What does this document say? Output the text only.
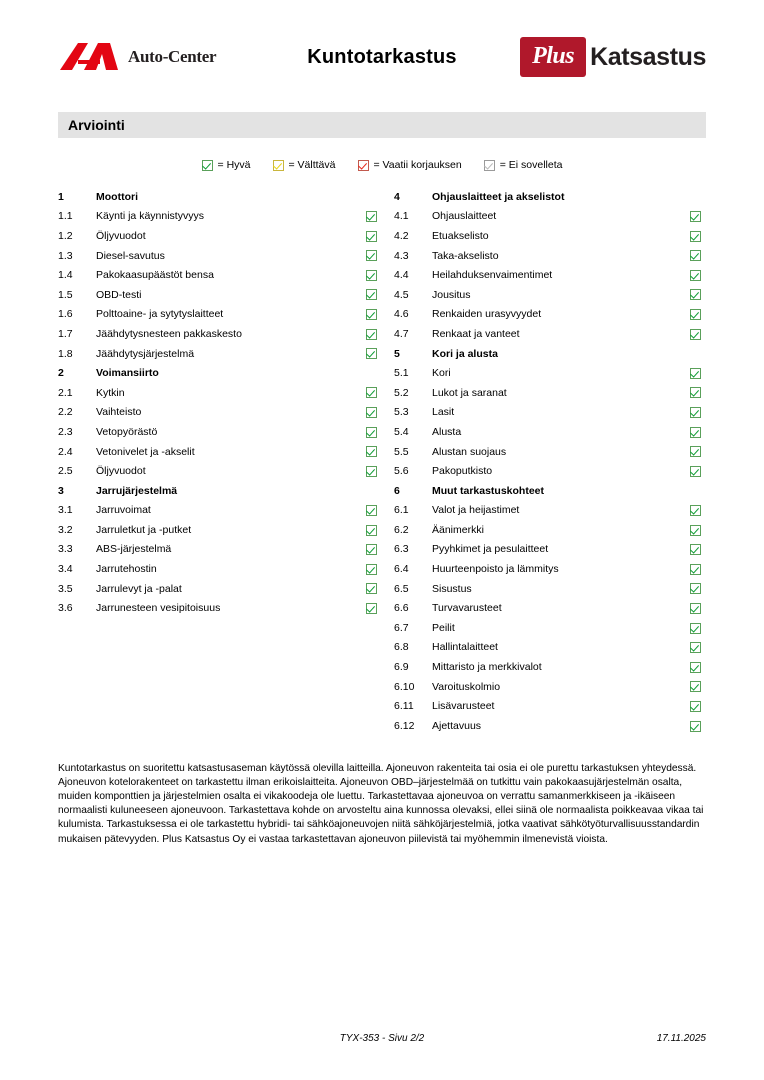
Auto-Center	Kuntotarkastus	Plus Katsastus
Arviointi
= Hyvä	= Välttävä	= Vaatii korjauksen	= Ei sovelleta
1	Moottori
1.1	Käynti ja käynnistyvyys
1.2	Öljyvuodot
1.3	Diesel-savutus
1.4	Pakokaasupäästöt bensa
1.5	OBD-testi
1.6	Polttoaine- ja sytytyslaitteet
1.7	Jäähdytysnesteen pakkaskesto
1.8	Jäähdytysjärjestelmä
2	Voimansiirto
2.1	Kytkin
2.2	Vaihteisto
2.3	Vetopyörästö
2.4	Vetonivelet ja -akselit
2.5	Öljyvuodot
3	Jarrujärjestelmä
3.1	Jarruvoimat
3.2	Jarruletkut ja -putket
3.3	ABS-järjestelmä
3.4	Jarrutehostin
3.5	Jarrulevyt ja -palat
3.6	Jarrunesteen vesipitoisuus
4	Ohjauslaitteet ja akselistot
4.1	Ohjauslaitteet
4.2	Etuakselisto
4.3	Taka-akselisto
4.4	Heilahduksenvaimentimet
4.5	Jousitus
4.6	Renkaiden urasyvyydet
4.7	Renkaat ja vanteet
5	Kori ja alusta
5.1	Kori
5.2	Lukot ja saranat
5.3	Lasit
5.4	Alusta
5.5	Alustan suojaus
5.6	Pakoputkisto
6	Muut tarkastuskohteet
6.1	Valot ja heijastimet
6.2	Äänimerkki
6.3	Pyyhkimet ja pesulaitteet
6.4	Huurteenpoisto ja lämmitys
6.5	Sisustus
6.6	Turvavarusteet
6.7	Peilit
6.8	Hallintalaitteet
6.9	Mittaristo ja merkkivalot
6.10	Varoituskolmio
6.11	Lisävarusteet
6.12	Ajettavuus
Kuntotarkastus on suoritettu katsastusaseman käytössä olevilla laitteilla. Ajoneuvon rakenteita tai osia ei ole purettu tarkastuksen yhteydessä. Ajoneuvon kotelorakenteet on tarkastettu ilman erikoislaitteita. Ajoneuvon OBD–järjestelmää on tutkittu vain pakokaasujärjestelmän osalta, muiden komponttien ja järjestelmien osalta ei vikakoodeja ole luettu. Tarkastettavaa ajoneuvoa on verrattu samanmerkkiseen ja -ikäiseen normaalisti kuluneeseen ajoneuvoon. Tarkastettava kohde on arvosteltu aina kunnossa olevaksi, ellei siinä ole normaalista poikkeavaa vikaa tai kulumista. Tarkastuksessa ei ole tarkastettu hybridi- tai sähköajoneuvojen niitä sähköjärjestelmiä, jotka vaativat sähkötyöturvallisuusstandardin mukaisen pätevyyden. Plus Katsastus Oy ei vastaa tarkastettavan ajoneuvon piilevistä tai myöhemmin ilmenevistä vioista.
TYX-353 - Sivu 2/2	17.11.2025
